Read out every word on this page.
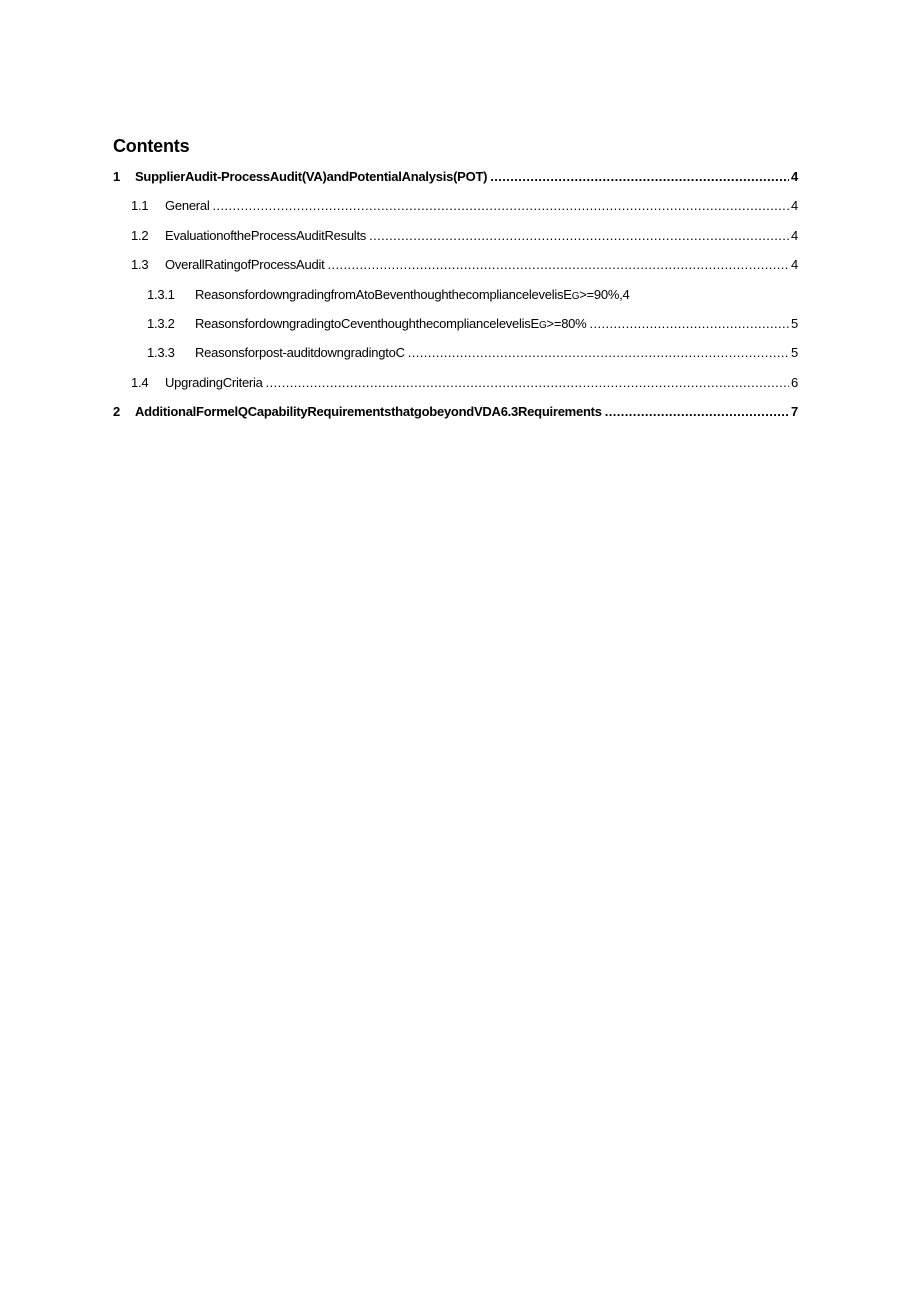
Contents
1	SupplierAudit-ProcessAudit(VA)andPotentialAnalysis(POT) .....	4
1.1	General .....	4
1.2	EvaluationoftheProcessAuditResults .....	4
1.3	OverallRatingofProcessAudit .....	4
1.3.1	ReasonsfordowngradingfromAtoBeventhoughthecompliancelevelisEG>=90%, 4
1.3.2	ReasonsfordowngradingtoCeventhoughthecompliancelevelisEG>=80% .....	5
1.3.3	Reasonsforpost-auditdowngradingtoC .....	5
1.4	UpgradingCriteria .....	6
2	AdditionalFormelQCapabilityRequirementsthatgobeyondVDA6.3Requirements .....	7
